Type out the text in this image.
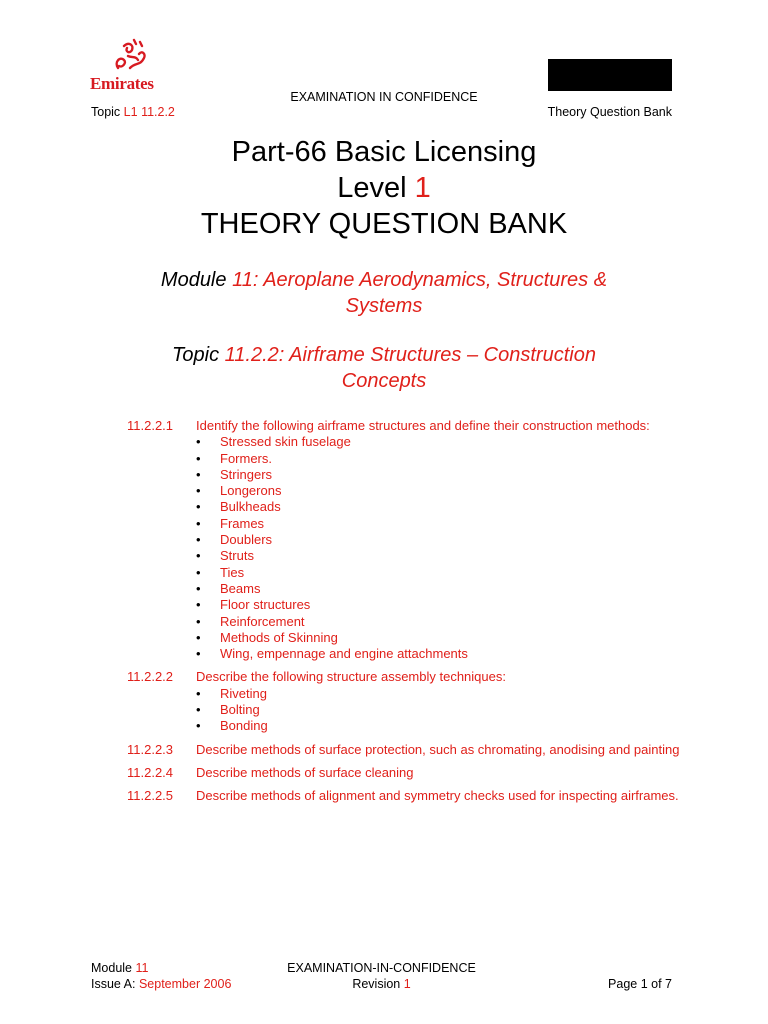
Emirates
EXAMINATION IN CONFIDENCE
Topic L1 11.2.2	Theory Question Bank
Part-66 Basic Licensing
Level 1
THEORY QUESTION BANK
Module 11: Aeroplane Aerodynamics, Structures &
Systems
Topic 11.2.2: Airframe Structures – Construction
Concepts
11.2.2.1	Identify the following airframe structures and define their construction methods:
• Stressed skin fuselage
• Formers.
• Stringers
• Longerons
• Bulkheads
• Frames
• Doublers
• Struts
• Ties
• Beams
• Floor structures
• Reinforcement
• Methods of Skinning
• Wing, empennage and engine attachments
11.2.2.2	Describe the following structure assembly techniques:
• Riveting
• Bolting
• Bonding
11.2.2.3	Describe methods of surface protection, such as chromating, anodising and painting
11.2.2.4	Describe methods of surface cleaning
11.2.2.5	Describe methods of alignment and symmetry checks used for inspecting airframes.
Module 11	EXAMINATION-IN-CONFIDENCE
Issue A: September 2006	Revision 1	Page 1 of 7
